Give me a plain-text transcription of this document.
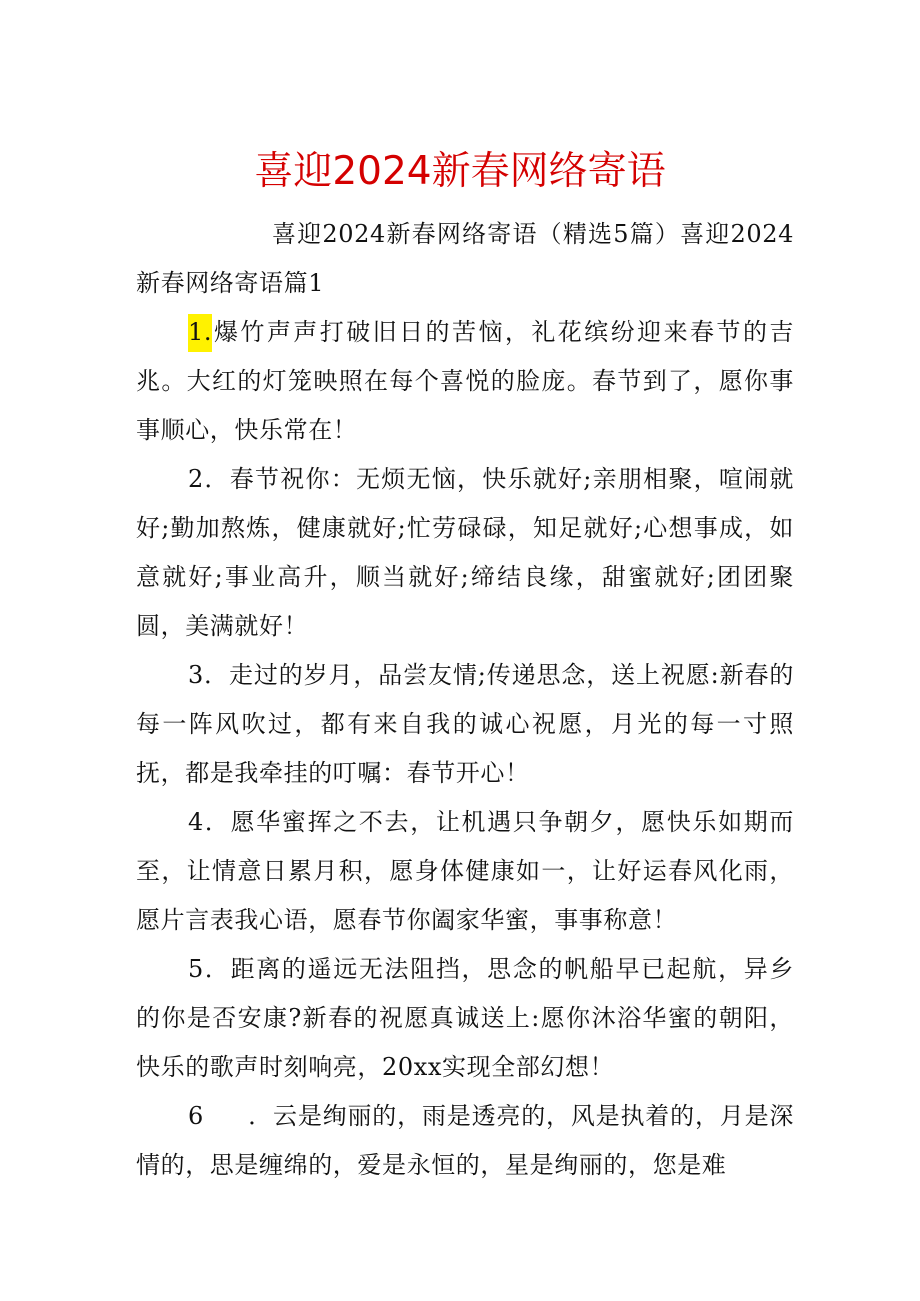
喜迎2024新春网络寄语

喜迎2024新春网络寄语（精选5篇）喜迎2024新春网络寄语篇1

1.爆竹声声打破旧日的苦恼，礼花缤纷迎来春节的吉兆。大红的灯笼映照在每个喜悦的脸庞。春节到了，愿你事事顺心，快乐常在！

2．春节祝你：无烦无恼，快乐就好;亲朋相聚，喧闹就好;勤加熬炼，健康就好;忙劳碌碌，知足就好;心想事成，如意就好;事业高升，顺当就好;缔结良缘，甜蜜就好;团团聚圆，美满就好！

3．走过的岁月，品尝友情;传递思念，送上祝愿:新春的每一阵风吹过，都有来自我的诚心祝愿，月光的每一寸照抚，都是我牵挂的叮嘱：春节开心！

4．愿华蜜挥之不去，让机遇只争朝夕，愿快乐如期而至，让情意日累月积，愿身体健康如一，让好运春风化雨，愿片言表我心语，愿春节你阖家华蜜，事事称意！

5．距离的遥远无法阻挡，思念的帆船早已起航，异乡的你是否安康?新春的祝愿真诚送上:愿你沐浴华蜜的朝阳，快乐的歌声时刻响亮，20xx实现全部幻想！

6 ．云是绚丽的，雨是透亮的，风是执着的，月是深情的，思是缠绵的，爱是永恒的，星是绚丽的，您是难
